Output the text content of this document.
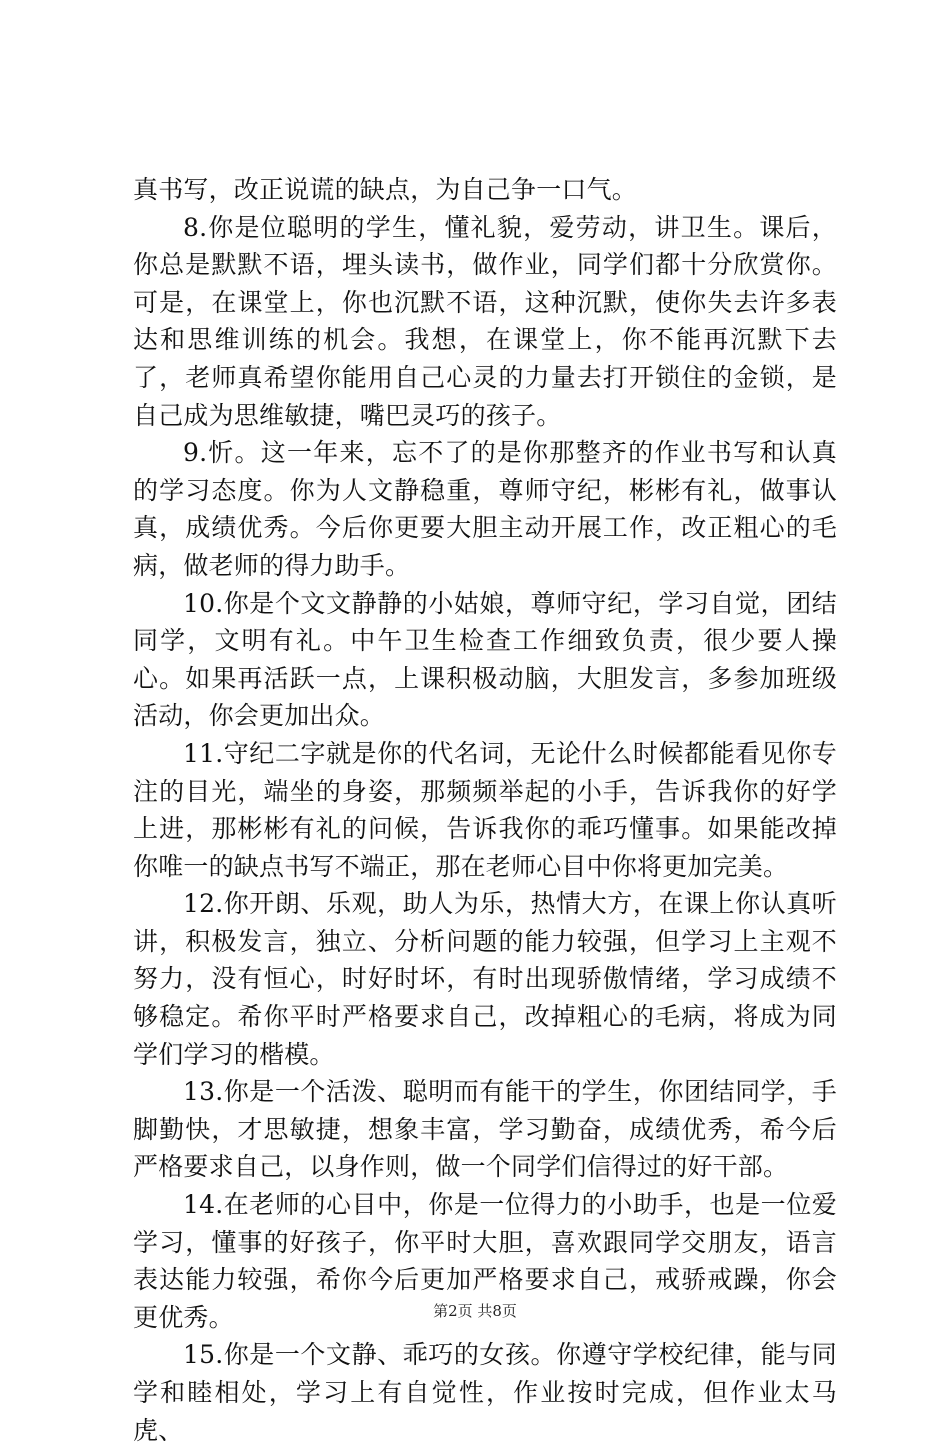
真书写，改正说谎的缺点，为自己争一口气。

8.你是位聪明的学生，懂礼貌，爱劳动，讲卫生。课后，你总是默默不语，埋头读书，做作业，同学们都十分欣赏你。可是，在课堂上，你也沉默不语，这种沉默，使你失去许多表达和思维训练的机会。我想，在课堂上，你不能再沉默下去了，老师真希望你能用自己心灵的力量去打开锁住的金锁，是自己成为思维敏捷，嘴巴灵巧的孩子。

9.忻。这一年来，忘不了的是你那整齐的作业书写和认真的学习态度。你为人文静稳重，尊师守纪，彬彬有礼，做事认真，成绩优秀。今后你更要大胆主动开展工作，改正粗心的毛病，做老师的得力助手。

10.你是个文文静静的小姑娘，尊师守纪，学习自觉，团结同学，文明有礼。中午卫生检查工作细致负责，很少要人操心。如果再活跃一点，上课积极动脑，大胆发言，多参加班级活动，你会更加出众。

11.守纪二字就是你的代名词，无论什么时候都能看见你专注的目光，端坐的身姿，那频频举起的小手，告诉我你的好学上进，那彬彬有礼的问候，告诉我你的乖巧懂事。如果能改掉你唯一的缺点书写不端正，那在老师心目中你将更加完美。

12.你开朗、乐观，助人为乐，热情大方，在课上你认真听讲，积极发言，独立、分析问题的能力较强，但学习上主观不努力，没有恒心，时好时坏，有时出现骄傲情绪，学习成绩不够稳定。希你平时严格要求自己，改掉粗心的毛病，将成为同学们学习的楷模。

13.你是一个活泼、聪明而有能干的学生，你团结同学，手脚勤快，才思敏捷，想象丰富，学习勤奋，成绩优秀，希今后严格要求自己，以身作则，做一个同学们信得过的好干部。

14.在老师的心目中，你是一位得力的小助手，也是一位爱学习，懂事的好孩子，你平时大胆，喜欢跟同学交朋友，语言表达能力较强，希你今后更加严格要求自己，戒骄戒躁，你会更优秀。

15.你是一个文静、乖巧的女孩。你遵守学校纪律，能与同学和睦相处，学习上有自觉性，作业按时完成，但作业太马虎、

第2页 共8页
